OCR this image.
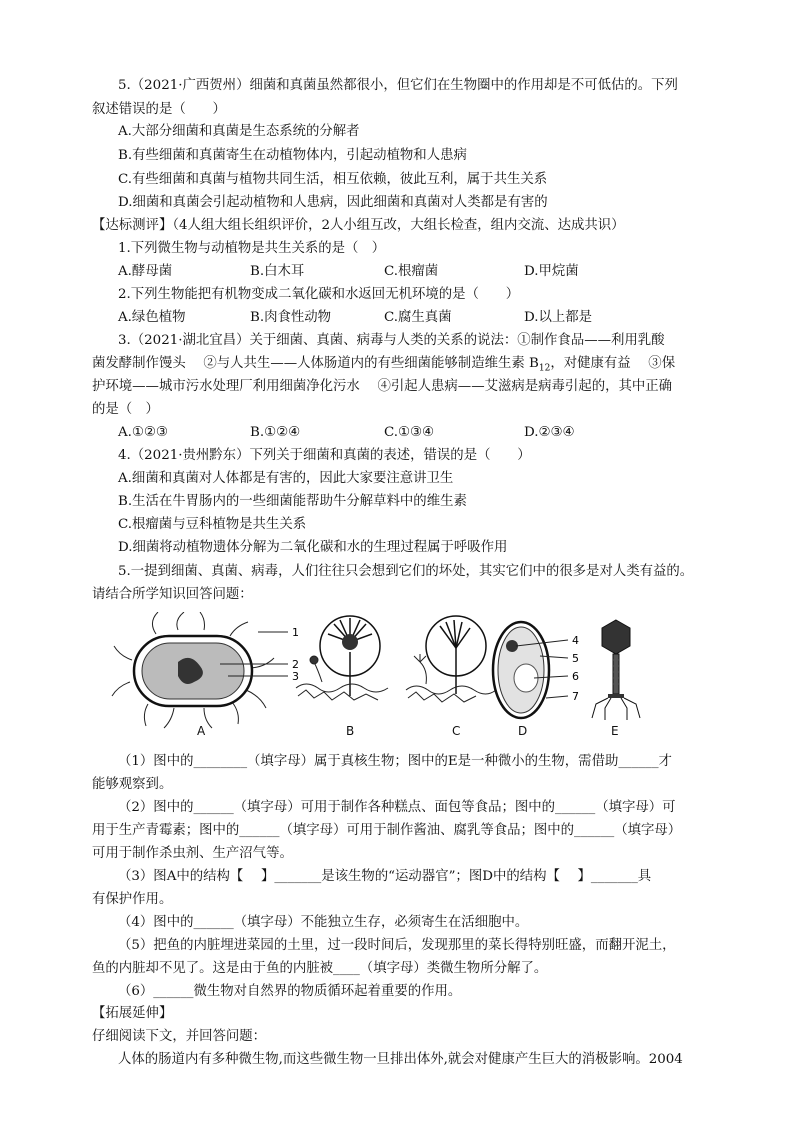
5.（2021·广西贺州）细菌和真菌虽然都很小，但它们在生物圈中的作用却是不可低估的。下列
叙述错误的是（　　）
A.大部分细菌和真菌是生态系统的分解者
B.有些细菌和真菌寄生在动植物体内，引起动植物和人患病
C.有些细菌和真菌与植物共同生活，相互依赖，彼此互利，属于共生关系
D.细菌和真菌会引起动植物和人患病，因此细菌和真菌对人类都是有害的
【达标测评】（4人组大组长组织评价，2人小组互改，大组长检查，组内交流、达成共识）
1.下列微生物与动植物是共生关系的是（　）
A.酵母菌	B.白木耳	C.根瘤菌	D.甲烷菌
2.下列生物能把有机物变成二氧化碳和水返回无机环境的是（　　）
A.绿色植物	B.肉食性动物	C.腐生真菌	D.以上都是
3.（2021·湖北宜昌）关于细菌、真菌、病毒与人类的关系的说法：①制作食品——利用乳酸
菌发酵制作馒头　 ②与人共生——人体肠道内的有些细菌能够制造维生素 $B_{12}$，对健康有益　 ③保
护环境——城市污水处理厂利用细菌净化污水　 ④引起人患病——艾滋病是病毒引起的，其中正确
的是（　）
A.①②③	B.①②④	C.①③④	D.②③④
4.（2021·贵州黔东）下列关于细菌和真菌的表述，错误的是（　　）
A.细菌和真菌对人体都是有害的，因此大家要注意讲卫生
B.生活在牛胃肠内的一些细菌能帮助牛分解草料中的维生素
C.根瘤菌与豆科植物是共生关系
D.细菌将动植物遗体分解为二氧化碳和水的生理过程属于呼吸作用
5.一提到细菌、真菌、病毒，人们往往只会想到它们的坏处，其实它们中的很多是对人类有益的。
请结合所学知识回答问题：
1
2
3
4
5
6
7
A	B	C	D	E
（1）图中的________（填字母）属于真核生物；图中的E是一种微小的生物，需借助______才
能够观察到。
（2）图中的______（填字母）可用于制作各种糕点、面包等食品；图中的______（填字母）可
用于生产青霉素；图中的______（填字母）可用于制作酱油、腐乳等食品；图中的______（填字母）
可用于制作杀虫剂、生产沼气等。
（3）图A中的结构【　 】_______是该生物的“运动器官”；图D中的结构【　 】_______具
有保护作用。
（4）图中的______（填字母）不能独立生存，必须寄生在活细胞中。
（5）把鱼的内脏埋进菜园的土里，过一段时间后，发现那里的菜长得特别旺盛，而翻开泥土，
鱼的内脏却不见了。这是由于鱼的内脏被____（填字母）类微生物所分解了。
（6）______微生物对自然界的物质循环起着重要的作用。
【拓展延伸】
仔细阅读下文，并回答问题：
人体的肠道内有多种微生物,而这些微生物一旦排出体外,就会对健康产生巨大的消极影响。2004
